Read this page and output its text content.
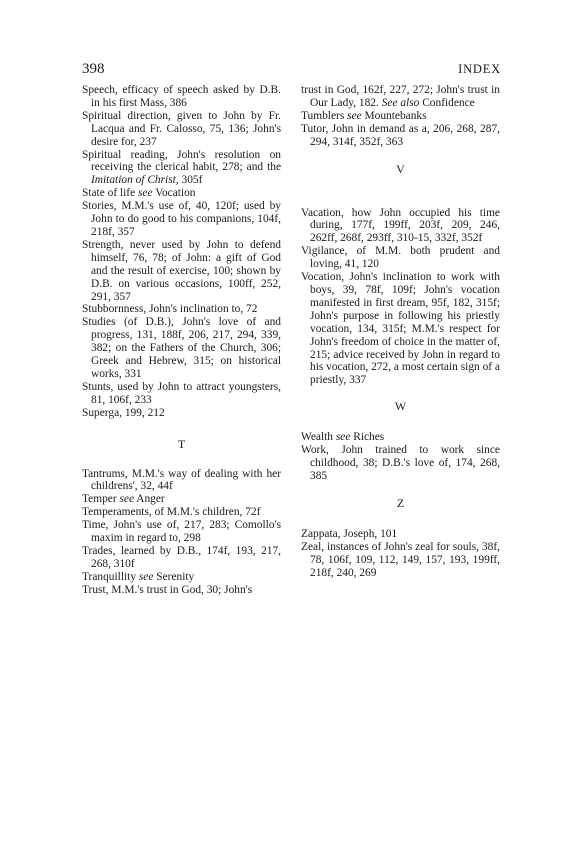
398	INDEX
Speech, efficacy of speech asked by D.B. in his first Mass, 386
Spiritual direction, given to John by Fr. Lacqua and Fr. Calosso, 75, 136; John's desire for, 237
Spiritual reading, John's resolution on receiving the clerical habit, 278; and the Imitation of Christ, 305f
State of life see Vocation
Stories, M.M.'s use of, 40, 120f; used by John to do good to his companions, 104f, 218f, 357
Strength, never used by John to defend himself, 76, 78; of John: a gift of God and the result of exercise, 100; shown by D.B. on various occasions, 100ff, 252, 291, 357
Stubbornness, John's inclination to, 72
Studies (of D.B.), John's love of and progress, 131, 188f, 206, 217, 294, 339, 382; on the Fathers of the Church, 306; Greek and Hebrew, 315; on historical works, 331
Stunts, used by John to attract youngsters, 81, 106f, 233
Superga, 199, 212
T
Tantrums, M.M.'s way of dealing with her childrens', 32, 44f
Temper see Anger
Temperaments, of M.M.'s children, 72f
Time, John's use of, 217, 283; Comollo's maxim in regard to, 298
Trades, learned by D.B., 174f, 193, 217, 268, 310f
Tranquillity see Serenity
Trust, M.M.'s trust in God, 30; John's
trust in God, 162f, 227, 272; John's trust in Our Lady, 182. See also Confidence
Tumblers see Mountebanks
Tutor, John in demand as a, 206, 268, 287, 294, 314f, 352f, 363
V
Vacation, how John occupied his time during, 177f, 199ff, 203f, 209, 246, 262ff, 268f, 293ff, 310-15, 332f, 352f
Vigilance, of M.M. both prudent and loving, 41, 120
Vocation, John's inclination to work with boys, 39, 78f, 109f; John's vocation manifested in first dream, 95f, 182, 315f; John's purpose in following his priestly vocation, 134, 315f; M.M.'s respect for John's freedom of choice in the matter of, 215; advice received by John in regard to his vocation, 272, a most certain sign of a priestly, 337
W
Wealth see Riches
Work, John trained to work since childhood, 38; D.B.'s love of, 174, 268, 385
Z
Zappata, Joseph, 101
Zeal, instances of John's zeal for souls, 38f, 78, 106f, 109, 112, 149, 157, 193, 199ff, 218f, 240, 269
